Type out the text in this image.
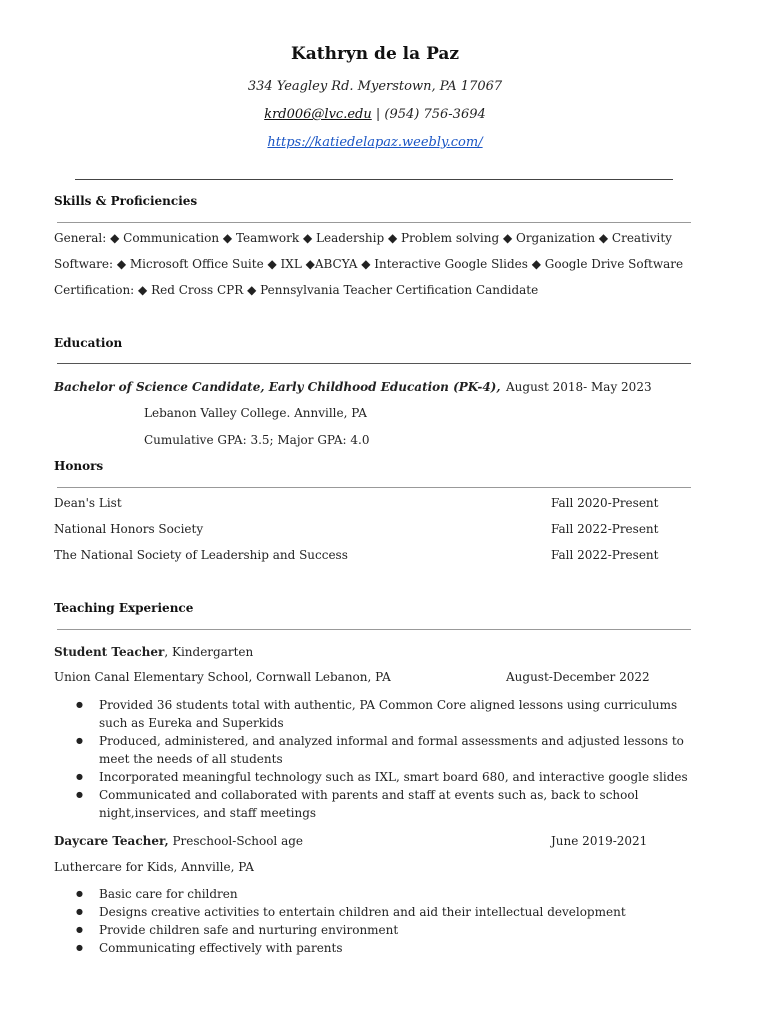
Kathryn de la Paz
334 Yeagley Rd. Myerstown, PA 17067
krd006@lvc.edu | (954) 756-3694
https://katiedelapaz.weebly.com/
Skills & Proficiencies
General: ◆ Communication ◆ Teamwork ◆ Leadership ◆ Problem solving ◆ Organization ◆ Creativity
Software: ◆ Microsoft Office Suite ◆ IXL ◆ABCYA ◆ Interactive Google Slides ◆ Google Drive Software
Certification: ◆ Red Cross CPR ◆ Pennsylvania Teacher Certification Candidate
Education
Bachelor of Science Candidate, Early Childhood Education (PK-4), August 2018- May 2023
Lebanon Valley College. Annville, PA
Cumulative GPA: 3.5; Major GPA: 4.0
Honors
Dean's List	Fall 2020-Present
National Honors Society	Fall 2022-Present
The National Society of Leadership and Success	Fall 2022-Present
Teaching Experience
Student Teacher, Kindergarten
Union Canal Elementary School, Cornwall Lebanon, PA	August-December 2022
● Provided 36 students total with authentic, PA Common Core aligned lessons using curriculums such as Eureka and Superkids
● Produced, administered, and analyzed informal and formal assessments and adjusted lessons to meet the needs of all students
● Incorporated meaningful technology such as IXL, smart board 680, and interactive google slides
● Communicated and collaborated with parents and staff at events such as, back to school night,inservices, and staff meetings
Daycare Teacher, Preschool-School age	June 2019-2021
Luthercare for Kids, Annville, PA
● Basic care for children
● Designs creative activities to entertain children and aid their intellectual development
● Provide children safe and nurturing environment
● Communicating effectively with parents
